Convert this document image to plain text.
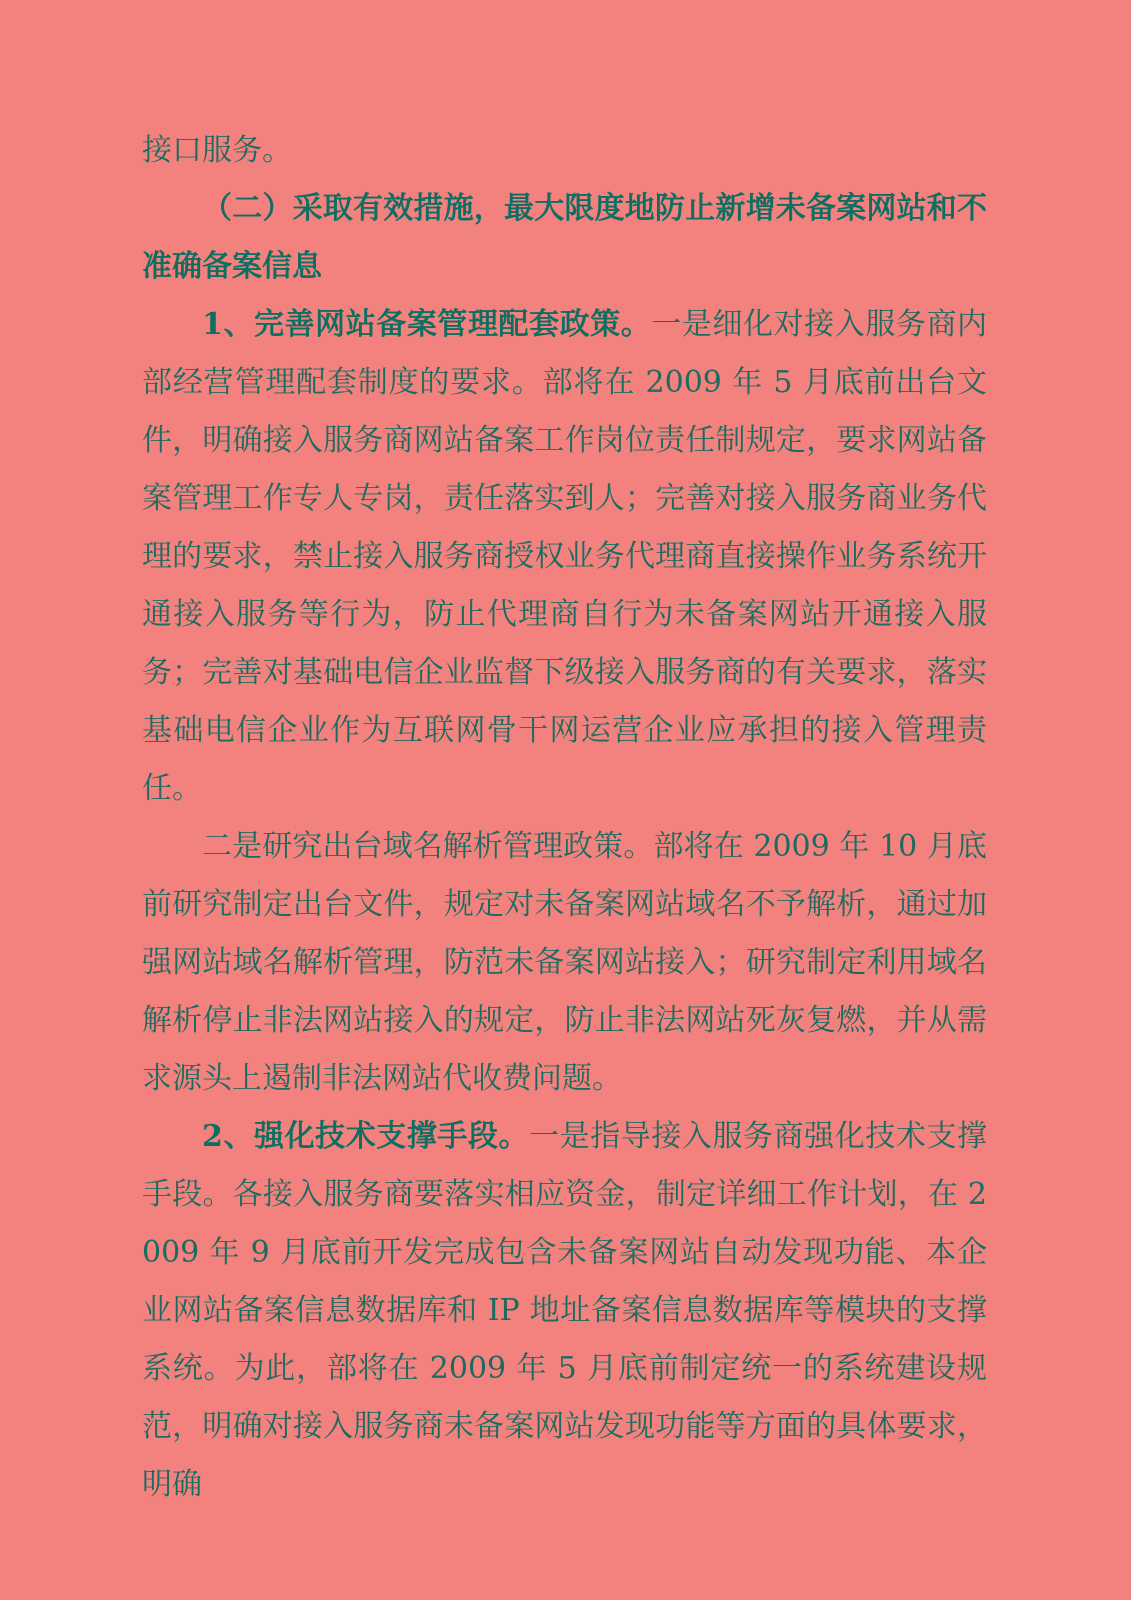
接口服务。

（二）采取有效措施，最大限度地防止新增未备案网站和不准确备案信息

1、完善网站备案管理配套政策。一是细化对接入服务商内部经营管理配套制度的要求。部将在 2009 年 5 月底前出台文件，明确接入服务商网站备案工作岗位责任制规定，要求网站备案管理工作专人专岗，责任落实到人；完善对接入服务商业务代理的要求，禁止接入服务商授权业务代理商直接操作业务系统开通接入服务等行为，防止代理商自行为未备案网站开通接入服务；完善对基础电信企业监督下级接入服务商的有关要求，落实基础电信企业作为互联网骨干网运营企业应承担的接入管理责任。

二是研究出台域名解析管理政策。部将在 2009 年 10 月底前研究制定出台文件，规定对未备案网站域名不予解析，通过加强网站域名解析管理，防范未备案网站接入；研究制定利用域名解析停止非法网站接入的规定，防止非法网站死灰复燃，并从需求源头上遏制非法网站代收费问题。

2、强化技术支撑手段。一是指导接入服务商强化技术支撑手段。各接入服务商要落实相应资金，制定详细工作计划，在 2009 年 9 月底前开发完成包含未备案网站自动发现功能、本企业网站备案信息数据库和 IP 地址备案信息数据库等模块的支撑系统。为此，部将在 2009 年 5 月底前制定统一的系统建设规范，明确对接入服务商未备案网站发现功能等方面的具体要求，明确
